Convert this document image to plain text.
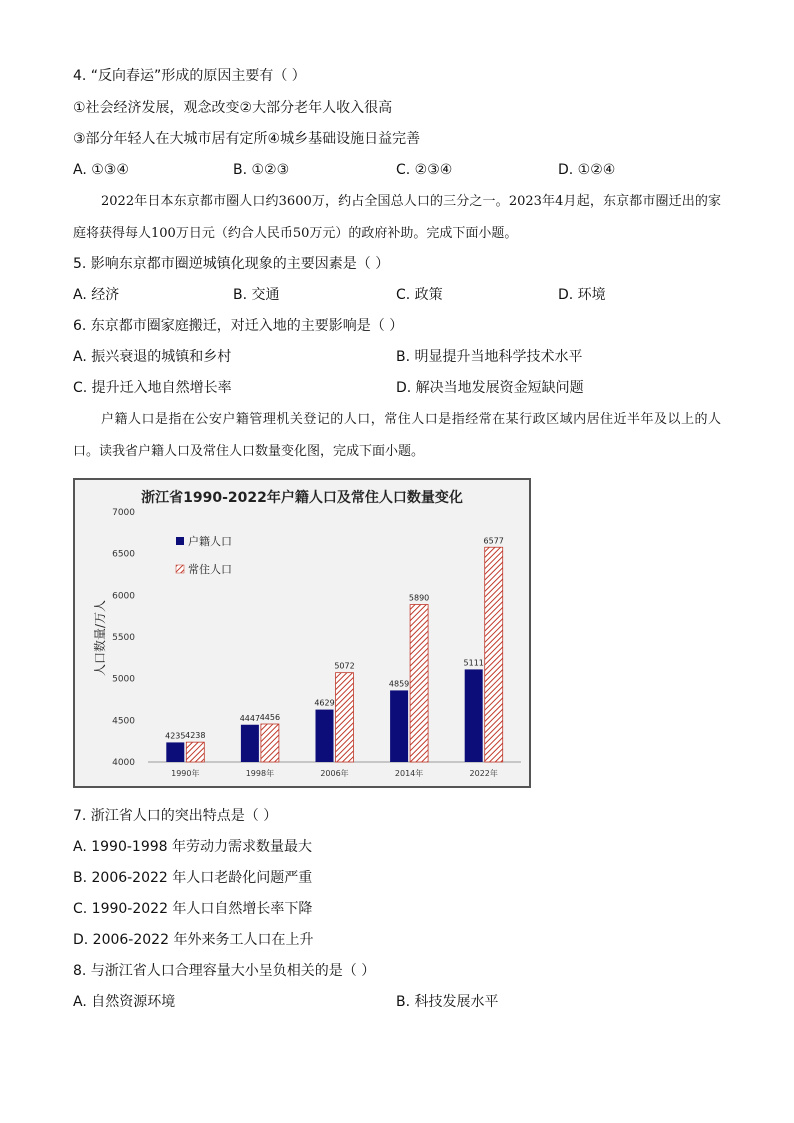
4. “反向春运”形成的原因主要有（ ）
①社会经济发展，观念改变②大部分老年人收入很高
③部分年轻人在大城市居有定所④城乡基础设施日益完善
A. ①③④	B. ①②③	C. ②③④	D. ①②④
2022年日本东京都市圈人口约3600万，约占全国总人口的三分之一。2023年4月起，东京都市圈迁出的家庭将获得每人100万日元（约合人民币50万元）的政府补助。完成下面小题。
5. 影响东京都市圈逆城镇化现象的主要因素是（ ）
A. 经济	B. 交通	C. 政策	D. 环境
6. 东京都市圈家庭搬迁，对迁入地的主要影响是（ ）
A. 振兴衰退的城镇和乡村	B. 明显提升当地科学技术水平
C. 提升迁入地自然增长率	D. 解决当地发展资金短缺问题
户籍人口是指在公安户籍管理机关登记的人口，常住人口是指经常在某行政区域内居住近半年及以上的人口。读我省户籍人口及常住人口数量变化图，完成下面小题。
浙江省1990-2022年户籍人口及常住人口数量变化
人口数量/万人
户籍人口
常住人口
4000
4500
5000
5500
6000
6500
7000
1990年	1998年	2006年	2014年	2022年
4235 4238
4447 4456
4629
5072
4859
5890
5111
6577
7. 浙江省人口的突出特点是（ ）
A. 1990-1998 年劳动力需求数量最大
B. 2006-2022 年人口老龄化问题严重
C. 1990-2022 年人口自然增长率下降
D. 2006-2022 年外来务工人口在上升
8. 与浙江省人口合理容量大小呈负相关的是（ ）
A. 自然资源环境	B. 科技发展水平
